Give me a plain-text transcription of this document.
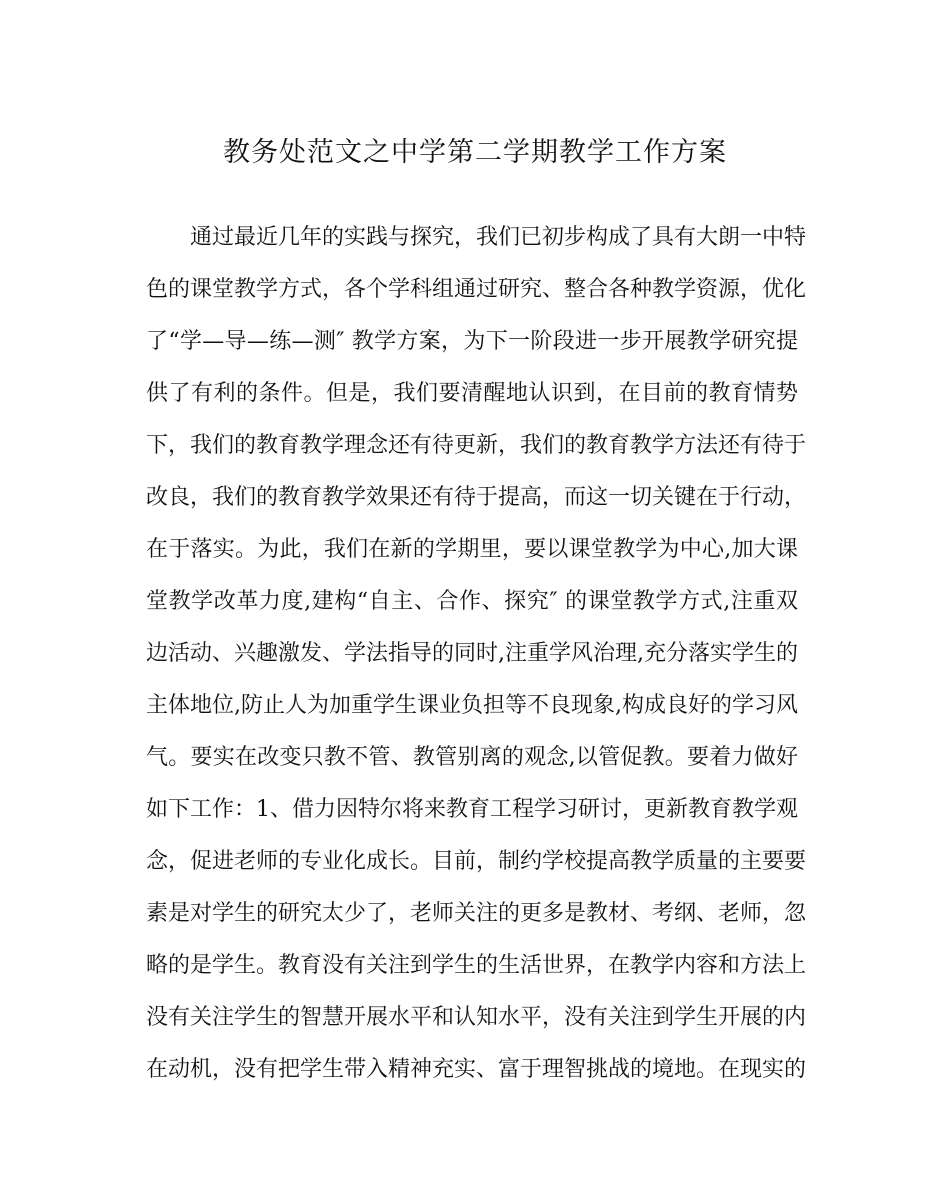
教务处范文之中学第二学期教学工作方案
通过最近几年的实践与探究，我们已初步构成了具有大朗一中特
色的课堂教学方式，各个学科组通过研究、整合各种教学资源，优化
了“学—导—练—测″ 教学方案，为下一阶段进一步开展教学研究提
供了有利的条件。但是，我们要清醒地认识到，在目前的教育情势
下，我们的教育教学理念还有待更新，我们的教育教学方法还有待于
改良，我们的教育教学效果还有待于提高，而这一切关键在于行动，
在于落实。为此，我们在新的学期里，要以课堂教学为中心,加大课
堂教学改革力度,建构“自主、合作、探究″ 的课堂教学方式,注重双
边活动、兴趣激发、学法指导的同时,注重学风治理,充分落实学生的
主体地位,防止人为加重学生课业负担等不良现象,构成良好的学习风
气。要实在改变只教不管、教管别离的观念,以管促教。要着力做好
如下工作：1、借力因特尔将来教育工程学习研讨，更新教育教学观
念，促进老师的专业化成长。目前，制约学校提高教学质量的主要要
素是对学生的研究太少了，老师关注的更多是教材、考纲、老师，忽
略的是学生。教育没有关注到学生的生活世界，在教学内容和方法上
没有关注学生的智慧开展水平和认知水平，没有关注到学生开展的内
在动机，没有把学生带入精神充实、富于理智挑战的境地。在现实的
